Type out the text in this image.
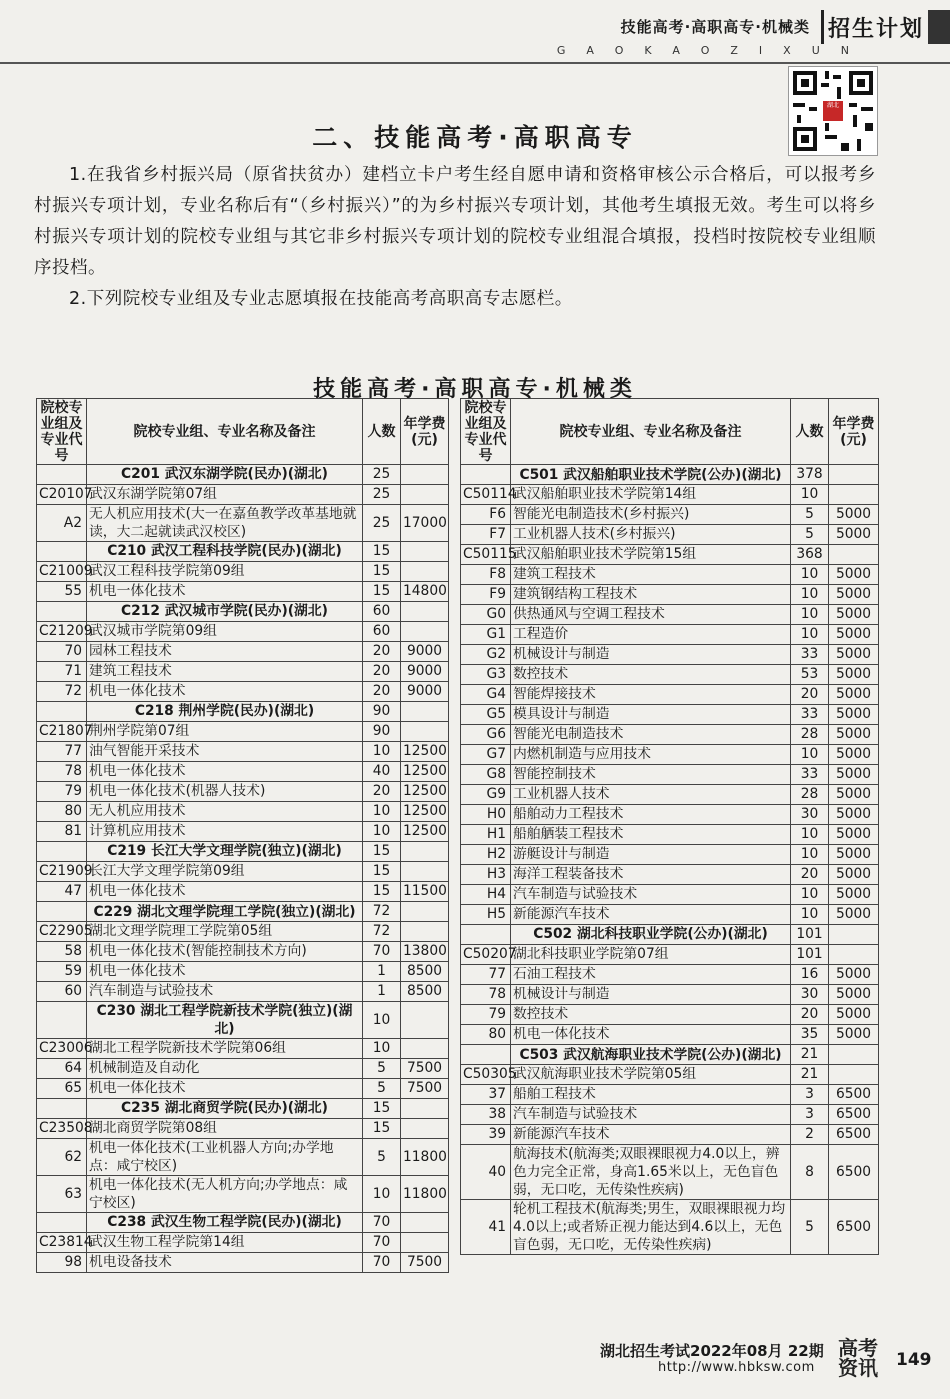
技能高考·高职高专·机械类 招生计划
GAOKAOZIXUN
湖北
二、技能高考·高职高专

1.在我省乡村振兴局（原省扶贫办）建档立卡户考生经自愿申请和资格审核公示合格后，可以报考乡村振兴专项计划，专业名称后有“（乡村振兴）”的为乡村振兴专项计划，其他考生填报无效。考生可以将乡村振兴专项计划的院校专业组与其它非乡村振兴专项计划的院校专业组混合填报，投档时按院校专业组顺序投档。

2.下列院校专业组及专业志愿填报在技能高考高职高专志愿栏。

技能高考·高职高专·机械类
院校专业组及专业代号	院校专业组、专业名称及备注	人数	年学费(元)
	C201 武汉东湖学院(民办)(湖北)	25	
C20107	武汉东湖学院第07组	25	
A2	无人机应用技术(大一在嘉鱼教学改革基地就读，大二起就读武汉校区)	25	17000
	C210 武汉工程科技学院(民办)(湖北)	15	
C21009	武汉工程科技学院第09组	15	
55	机电一体化技术	15	14800
	C212 武汉城市学院(民办)(湖北)	60	
C21209	武汉城市学院第09组	60	
70	园林工程技术	20	9000
71	建筑工程技术	20	9000
72	机电一体化技术	20	9000
	C218 荆州学院(民办)(湖北)	90	
C21807	荆州学院第07组	90	
77	油气智能开采技术	10	12500
78	机电一体化技术	40	12500
79	机电一体化技术(机器人技术)	20	12500
80	无人机应用技术	10	12500
81	计算机应用技术	10	12500
	C219 长江大学文理学院(独立)(湖北)	15	
C21909	长江大学文理学院第09组	15	
47	机电一体化技术	15	11500
	C229 湖北文理学院理工学院(独立)(湖北)	72	
C22905	湖北文理学院理工学院第05组	72	
58	机电一体化技术(智能控制技术方向)	70	13800
59	机电一体化技术	1	8500
60	汽车制造与试验技术	1	8500
	C230 湖北工程学院新技术学院(独立)(湖北)	10	
C23006	湖北工程学院新技术学院第06组	10	
64	机械制造及自动化	5	7500
65	机电一体化技术	5	7500
	C235 湖北商贸学院(民办)(湖北)	15	
C23508	湖北商贸学院第08组	15	
62	机电一体化技术(工业机器人方向;办学地点：咸宁校区)	5	11800
63	机电一体化技术(无人机方向;办学地点：咸宁校区)	10	11800
	C238 武汉生物工程学院(民办)(湖北)	70	
C23814	武汉生物工程学院第14组	70	
98	机电设备技术	70	7500
院校专业组及专业代号	院校专业组、专业名称及备注	人数	年学费(元)
	C501 武汉船舶职业技术学院(公办)(湖北)	378	
C50114	武汉船舶职业技术学院第14组	10	
F6	智能光电制造技术(乡村振兴)	5	5000
F7	工业机器人技术(乡村振兴)	5	5000
C50115	武汉船舶职业技术学院第15组	368	
F8	建筑工程技术	10	5000
F9	建筑钢结构工程技术	10	5000
G0	供热通风与空调工程技术	10	5000
G1	工程造价	10	5000
G2	机械设计与制造	33	5000
G3	数控技术	53	5000
G4	智能焊接技术	20	5000
G5	模具设计与制造	33	5000
G6	智能光电制造技术	28	5000
G7	内燃机制造与应用技术	10	5000
G8	智能控制技术	33	5000
G9	工业机器人技术	28	5000
H0	船舶动力工程技术	30	5000
H1	船舶舾装工程技术	10	5000
H2	游艇设计与制造	10	5000
H3	海洋工程装备技术	20	5000
H4	汽车制造与试验技术	10	5000
H5	新能源汽车技术	10	5000
	C502 湖北科技职业学院(公办)(湖北)	101	
C50207	湖北科技职业学院第07组	101	
77	石油工程技术	16	5000
78	机械设计与制造	30	5000
79	数控技术	20	5000
80	机电一体化技术	35	5000
	C503 武汉航海职业技术学院(公办)(湖北)	21	
C50305	武汉航海职业技术学院第05组	21	
37	船舶工程技术	3	6500
38	汽车制造与试验技术	3	6500
39	新能源汽车技术	2	6500
40	航海技术(航海类;双眼裸眼视力4.0以上，辨色力完全正常，身高1.65米以上，无色盲色弱，无口吃，无传染性疾病)	8	6500
41	轮机工程技术(航海类;男生，双眼裸眼视力均4.0以上;或者矫正视力能达到4.6以上，无色盲色弱，无口吃，无传染性疾病)	5	6500
湖北招生考试2022年08月 22期
http://www.hbksw.com
高考资讯	149
